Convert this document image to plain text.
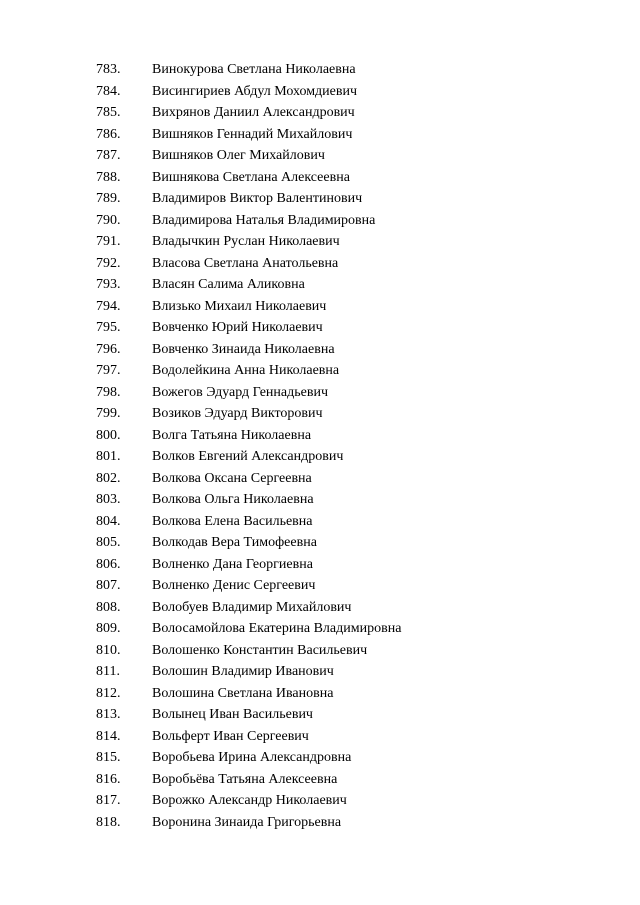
783. Винокурова Светлана Николаевна
784. Висингириев Абдул Мохомдиевич
785. Вихрянов Даниил Александрович
786. Вишняков Геннадий Михайлович
787. Вишняков Олег Михайлович
788. Вишнякова Светлана Алексеевна
789. Владимиров Виктор Валентинович
790. Владимирова Наталья Владимировна
791. Владычкин Руслан Николаевич
792. Власова Светлана Анатольевна
793. Власян Салима Аликовна
794. Влизько Михаил Николаевич
795. Вовченко Юрий Николаевич
796. Вовченко Зинаида Николаевна
797. Водолейкина Анна Николаевна
798. Вожегов Эдуард Геннадьевич
799. Возиков Эдуард Викторович
800. Волга Татьяна Николаевна
801. Волков Евгений Александрович
802. Волкова Оксана Сергеевна
803. Волкова Ольга Николаевна
804. Волкова Елена Васильевна
805. Волкодав Вера Тимофеевна
806. Волненко Дана Георгиевна
807. Волненко Денис Сергеевич
808. Волобуев Владимир Михайлович
809. Волосамойлова Екатерина Владимировна
810. Волошенко Константин Васильевич
811. Волошин Владимир Иванович
812. Волошина Светлана Ивановна
813. Волынец Иван Васильевич
814. Вольферт Иван Сергеевич
815. Воробьева Ирина Александровна
816. Воробьёва Татьяна Алексеевна
817. Ворожко Александр Николаевич
818. Воронина Зинаида Григорьевна
